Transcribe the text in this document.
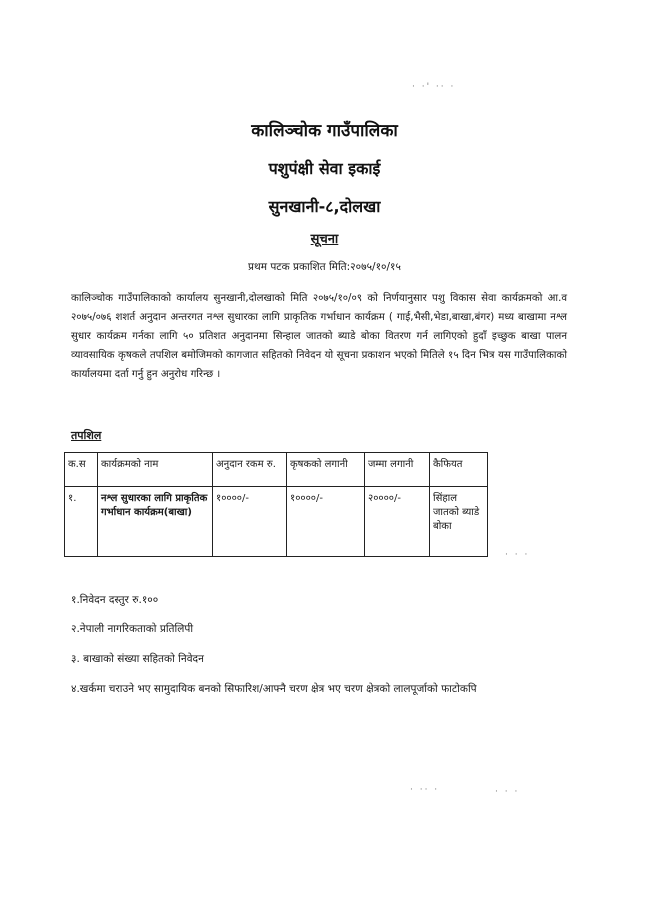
· ·' ·· ·
· · ·
· ·· ·	· · ·
कालिञ्चोक गाउँपालिका
पशुपंक्षी सेवा इकाई
सुनखानी-८,दोलखा
सूचना
प्रथम पटक प्रकाशित मिति:२०७५/१०/१५
कालिञ्चोक गाउँपालिकाको कार्यालय सुनखानी,दोलखाको मिति २०७५/१०/०९ को निर्णयानुसार पशु विकास सेवा कार्यक्रमको आ.व २०७५/०७६ शशर्त अनुदान अन्तरगत नश्ल सुधारका लागि प्राकृतिक गर्भाधान कार्यक्रम ( गाई,भैसी,भेडा,बाखा,बंगर) मध्य बाखामा नश्ल सुधार कार्यक्रम गर्नका लागि ५० प्रतिशत अनुदानमा सिन्हाल जातको ब्याडे बोका वितरण गर्न लागिएको हुदाँ इच्छुक बाखा पालन व्यावसायिक कृषकले तपशिल बमोजिमको कागजात सहितको निवेदन यो सूचना प्रकाशन भएको मितिले १५ दिन भित्र यस गाउँपालिकाको कार्यालयमा दर्ता गर्नु हुन अनुरोध गरिन्छ ।
तपशिल
क.स	कार्यक्रमको नाम	अनुदान रकम रु.	कृषकको लगानी	जम्मा लगानी	कैफियत
१.	नश्ल सुधारका लागि प्राकृतिक गर्भाधान कार्यक्रम(बाखा)	१००००/-	१००००/-	२००००/-	सिंहाल जातको ब्याडे बोका
१.निवेदन दस्तुर रु.१००
२.नेपाली नागरिकताको प्रतिलिपी
३. बाखाको संख्या सहितको निवेदन
४.खर्कमा चराउने भए सामुदायिक बनको सिफारिश/आफ्नै चरण क्षेत्र भए चरण क्षेत्रको लालपूर्जाको फाटोकपि
